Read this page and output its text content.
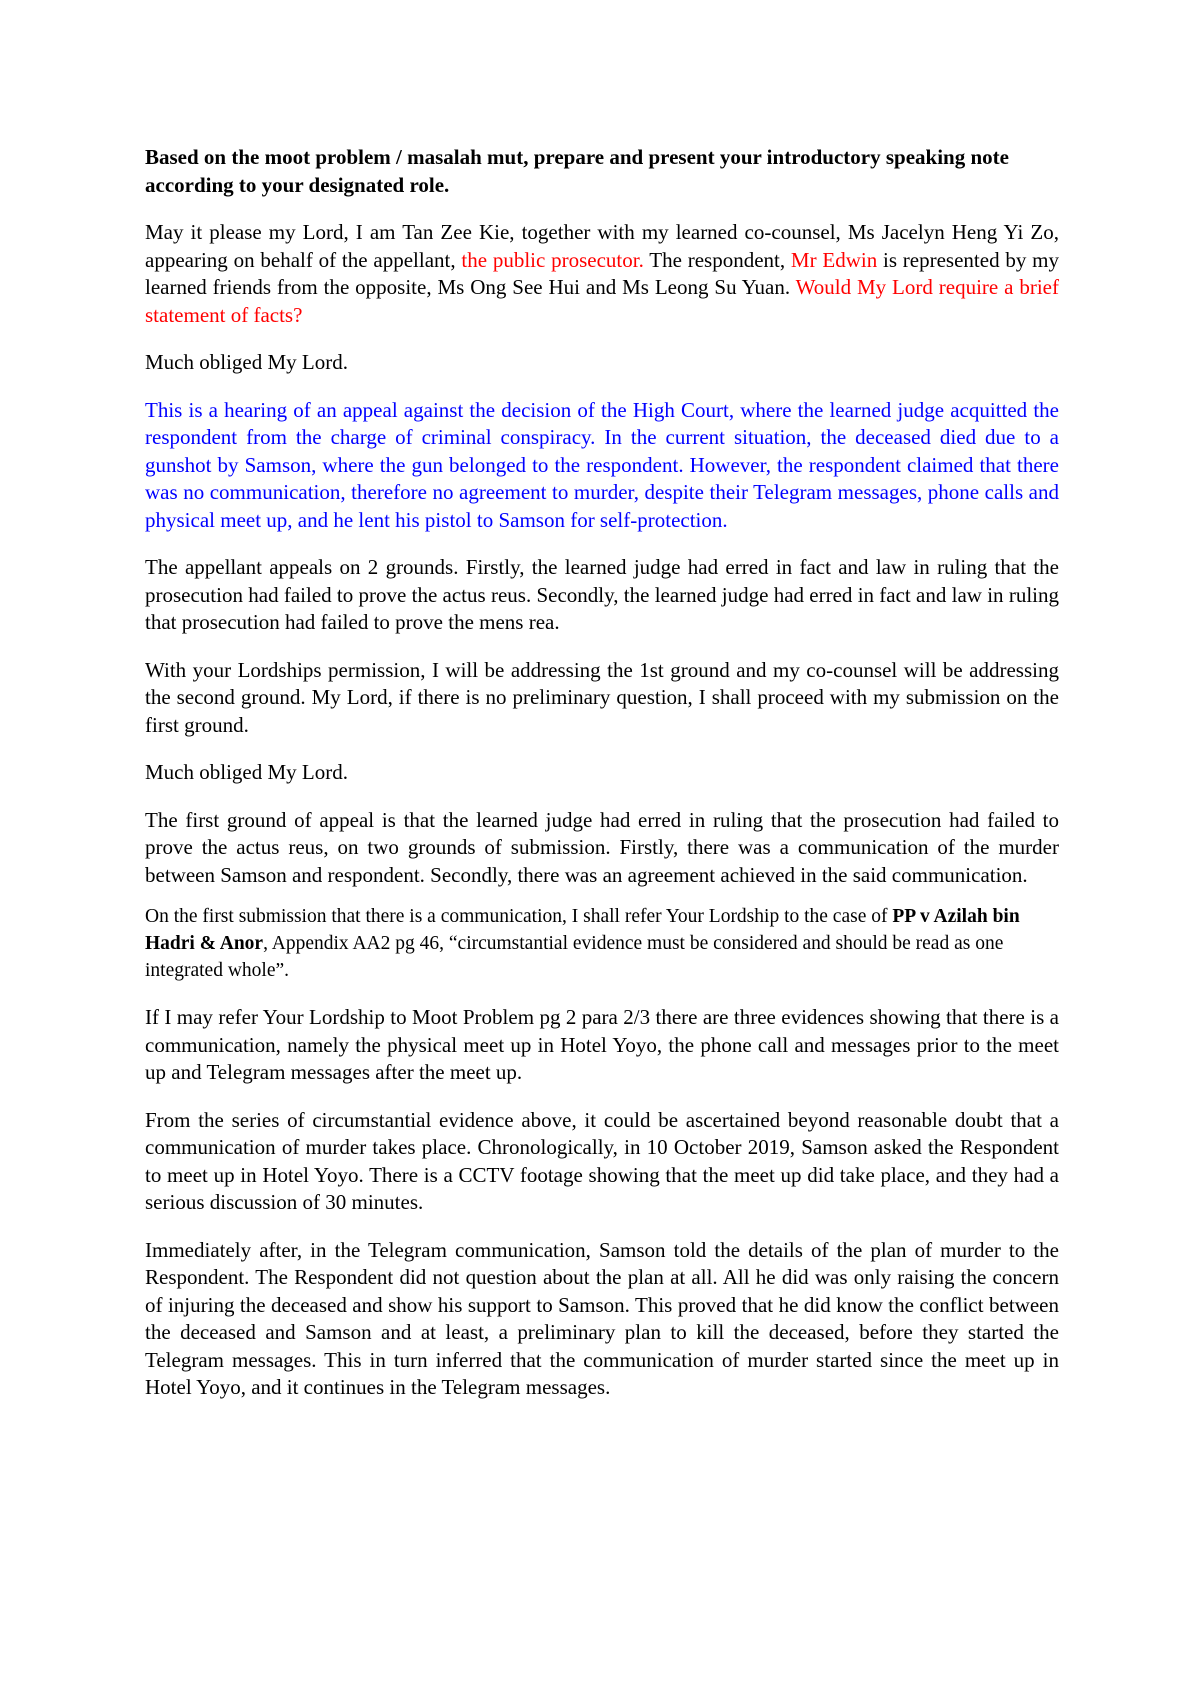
Based on the moot problem / masalah mut, prepare and present your introductory speaking note according to your designated role.

May it please my Lord, I am Tan Zee Kie, together with my learned co-counsel, Ms Jacelyn Heng Yi Zo, appearing on behalf of the appellant, the public prosecutor. The respondent, Mr Edwin is represented by my learned friends from the opposite, Ms Ong See Hui and Ms Leong Su Yuan. Would My Lord require a brief statement of facts?

Much obliged My Lord.

This is a hearing of an appeal against the decision of the High Court, where the learned judge acquitted the respondent from the charge of criminal conspiracy. In the current situation, the deceased died due to a gunshot by Samson, where the gun belonged to the respondent. However, the respondent claimed that there was no communication, therefore no agreement to murder, despite their Telegram messages, phone calls and physical meet up, and he lent his pistol to Samson for self-protection.

The appellant appeals on 2 grounds. Firstly, the learned judge had erred in fact and law in ruling that the prosecution had failed to prove the actus reus. Secondly, the learned judge had erred in fact and law in ruling that prosecution had failed to prove the mens rea.

With your Lordships permission, I will be addressing the 1st ground and my co-counsel will be addressing the second ground. My Lord, if there is no preliminary question, I shall proceed with my submission on the first ground.

Much obliged My Lord.

The first ground of appeal is that the learned judge had erred in ruling that the prosecution had failed to prove the actus reus, on two grounds of submission. Firstly, there was a communication of the murder between Samson and respondent. Secondly, there was an agreement achieved in the said communication.

On the first submission that there is a communication, I shall refer Your Lordship to the case of PP v Azilah bin Hadri & Anor, Appendix AA2 pg 46, “circumstantial evidence must be considered and should be read as one integrated whole”.

If I may refer Your Lordship to Moot Problem pg 2 para 2/3 there are three evidences showing that there is a communication, namely the physical meet up in Hotel Yoyo, the phone call and messages prior to the meet up and Telegram messages after the meet up.

From the series of circumstantial evidence above, it could be ascertained beyond reasonable doubt that a communication of murder takes place. Chronologically, in 10 October 2019, Samson asked the Respondent to meet up in Hotel Yoyo. There is a CCTV footage showing that the meet up did take place, and they had a serious discussion of 30 minutes.

Immediately after, in the Telegram communication, Samson told the details of the plan of murder to the Respondent. The Respondent did not question about the plan at all. All he did was only raising the concern of injuring the deceased and show his support to Samson. This proved that he did know the conflict between the deceased and Samson and at least, a preliminary plan to kill the deceased, before they started the Telegram messages. This in turn inferred that the communication of murder started since the meet up in Hotel Yoyo, and it continues in the Telegram messages.
